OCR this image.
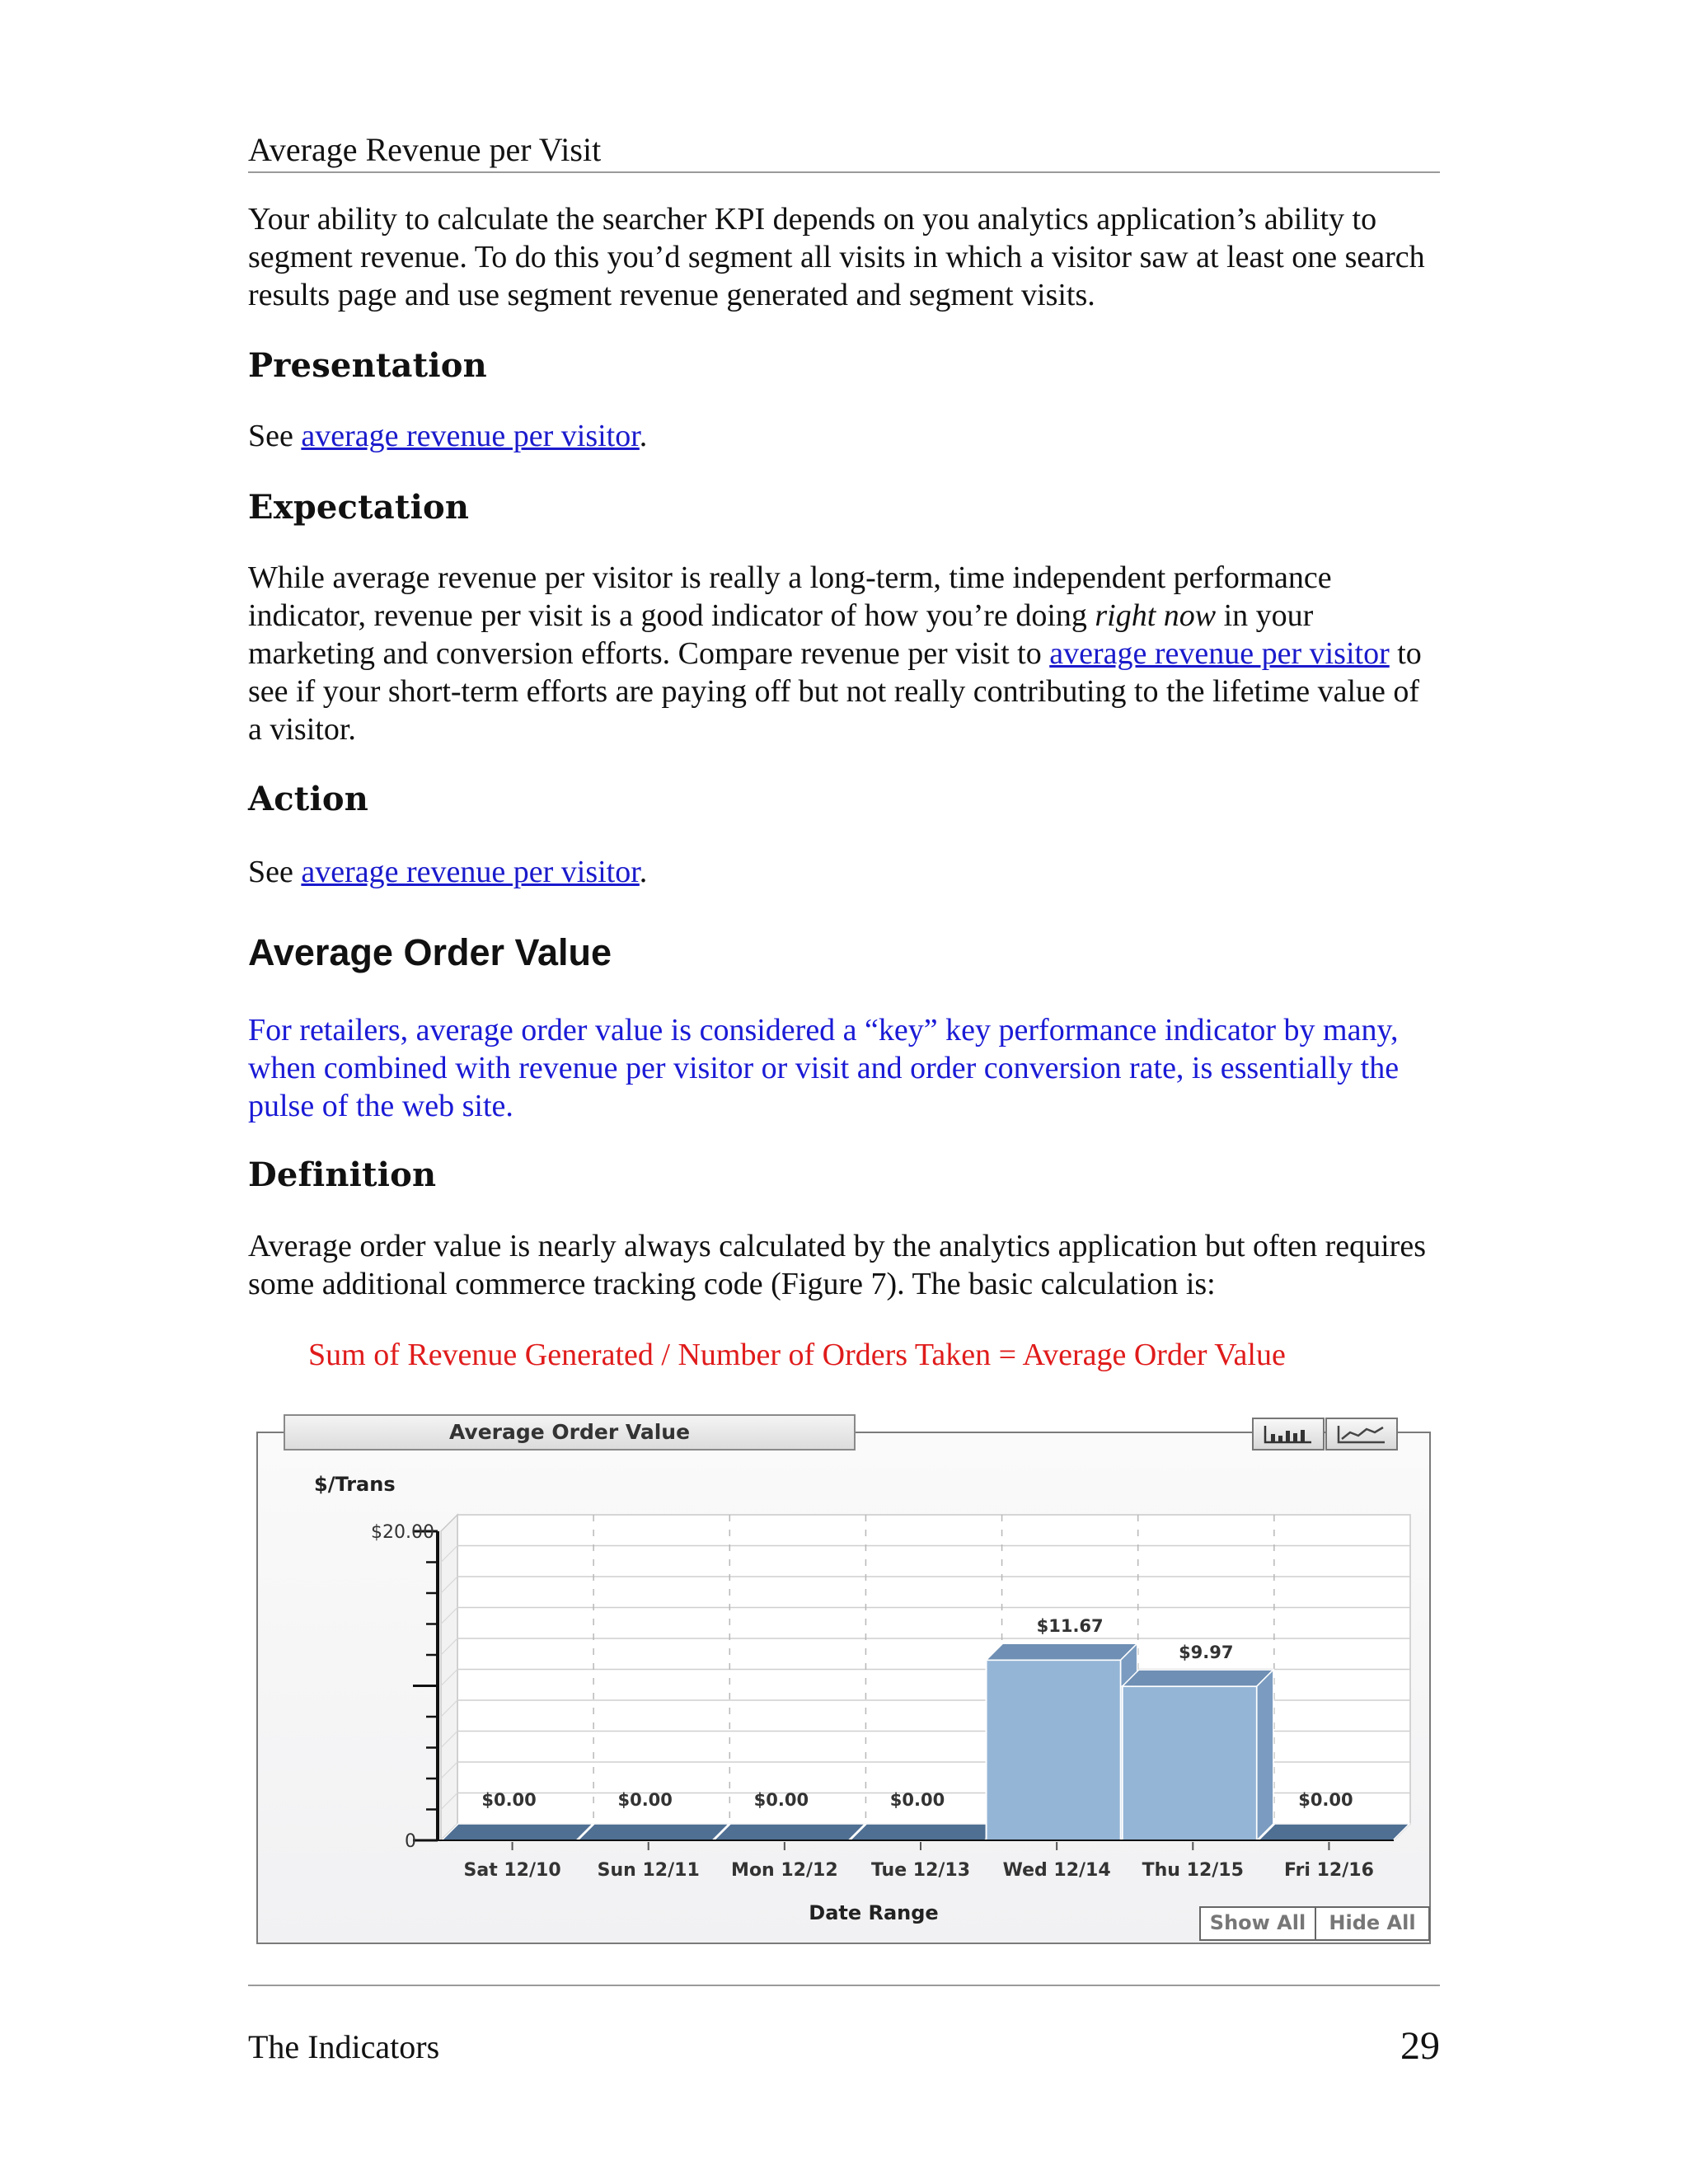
Average Revenue per Visit

Your ability to calculate the searcher KPI depends on you analytics application’s ability to segment revenue. To do this you’d segment all visits in which a visitor saw at least one search results page and use segment revenue generated and segment visits.

Presentation

See average revenue per visitor.

Expectation

While average revenue per visitor is really a long-term, time independent performance indicator, revenue per visit is a good indicator of how you’re doing right now in your marketing and conversion efforts. Compare revenue per visit to average revenue per visitor to see if your short-term efforts are paying off but not really contributing to the lifetime value of a visitor.

Action

See average revenue per visitor.

Average Order Value

For retailers, average order value is considered a “key” key performance indicator by many, when combined with revenue per visitor or visit and order conversion rate, is essentially the pulse of the web site.

Definition

Average order value is nearly always calculated by the analytics application but often requires some additional commerce tracking code (Figure 7). The basic calculation is:

Sum of Revenue Generated / Number of Orders Taken = Average Order Value
Average Order Value
$0.00
Sat 12/10
$0.00
Sun 12/11
$0.00
Mon 12/12
$0.00
Tue 12/13
$11.67
Wed 12/14
$9.97
Thu 12/15
$0.00
Fri 12/16
0
$20.00
$/Trans
Date Range	Show All	Hide All
The Indicators	29
